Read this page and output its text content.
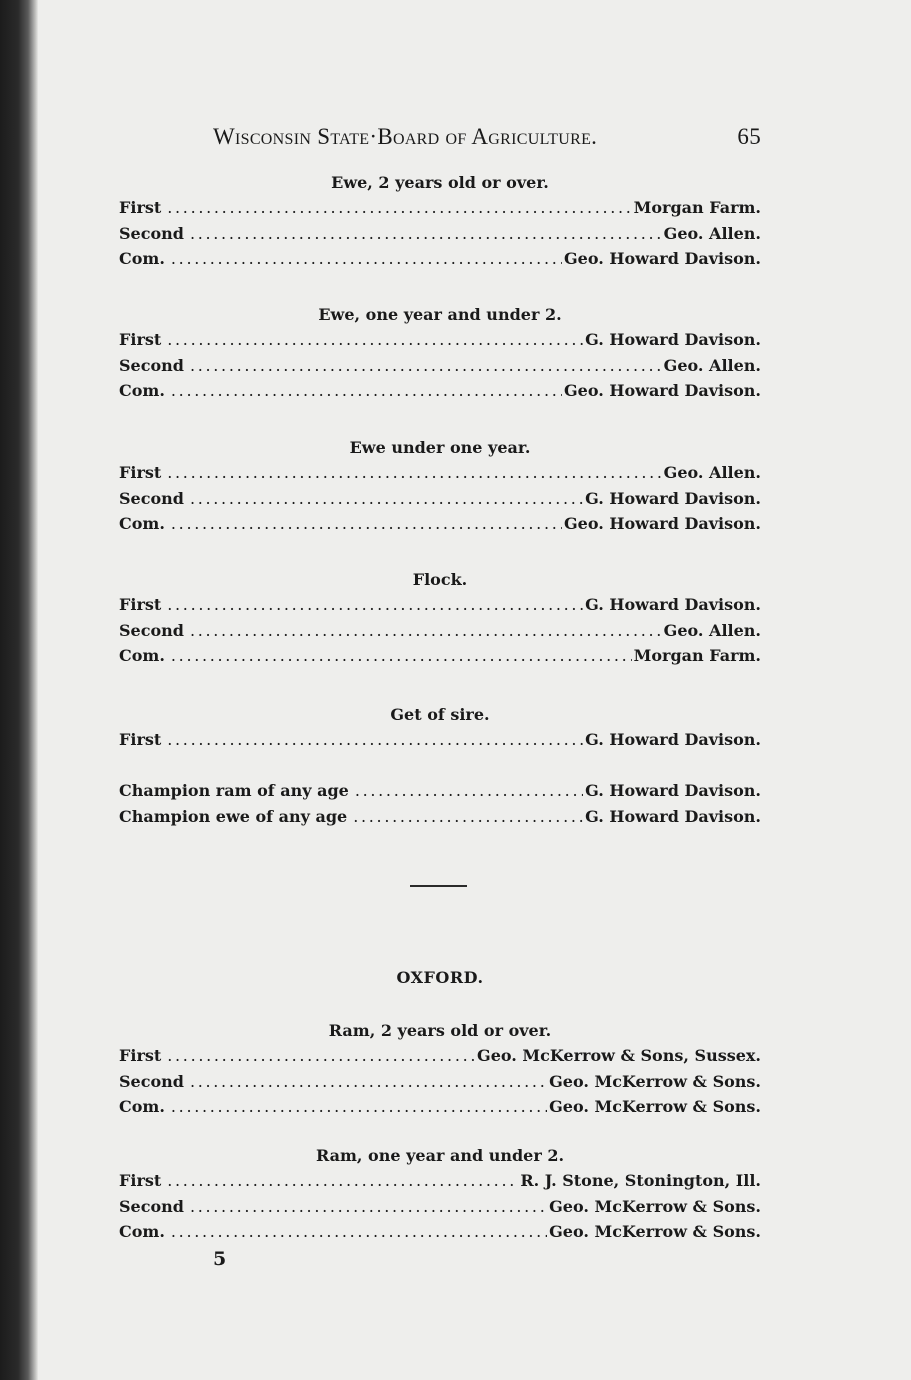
Wisconsin State·Board of Agriculture.	65
Ewe, 2 years old or over.
First . . .	Morgan Farm.
Second . . .	Geo. Allen.
Com. . . .	Geo. Howard Davison.
Ewe, one year and under 2.
First . . .	G. Howard Davison.
Second . . .	Geo. Allen.
Com. . . .	Geo. Howard Davison.
Ewe under one year.
First . . .	Geo. Allen.
Second . . .	G. Howard Davison.
Com. . . .	Geo. Howard Davison.
Flock.
First . . .	G. Howard Davison.
Second . . .	Geo. Allen.
Com. . . .	Morgan Farm.
Get of sire.
First . . .	G. Howard Davison.
Champion ram of any age . . .	G. Howard Davison.
Champion ewe of any age . . .	G. Howard Davison.
OXFORD.
Ram, 2 years old or over.
First . . .	Geo. McKerrow & Sons, Sussex.
Second . . .	Geo. McKerrow & Sons.
Com. . . .	Geo. McKerrow & Sons.
Ram, one year and under 2.
First . . .	R. J. Stone, Stonington, Ill.
Second . . .	Geo. McKerrow & Sons.
Com. . . .	Geo. McKerrow & Sons.
5
